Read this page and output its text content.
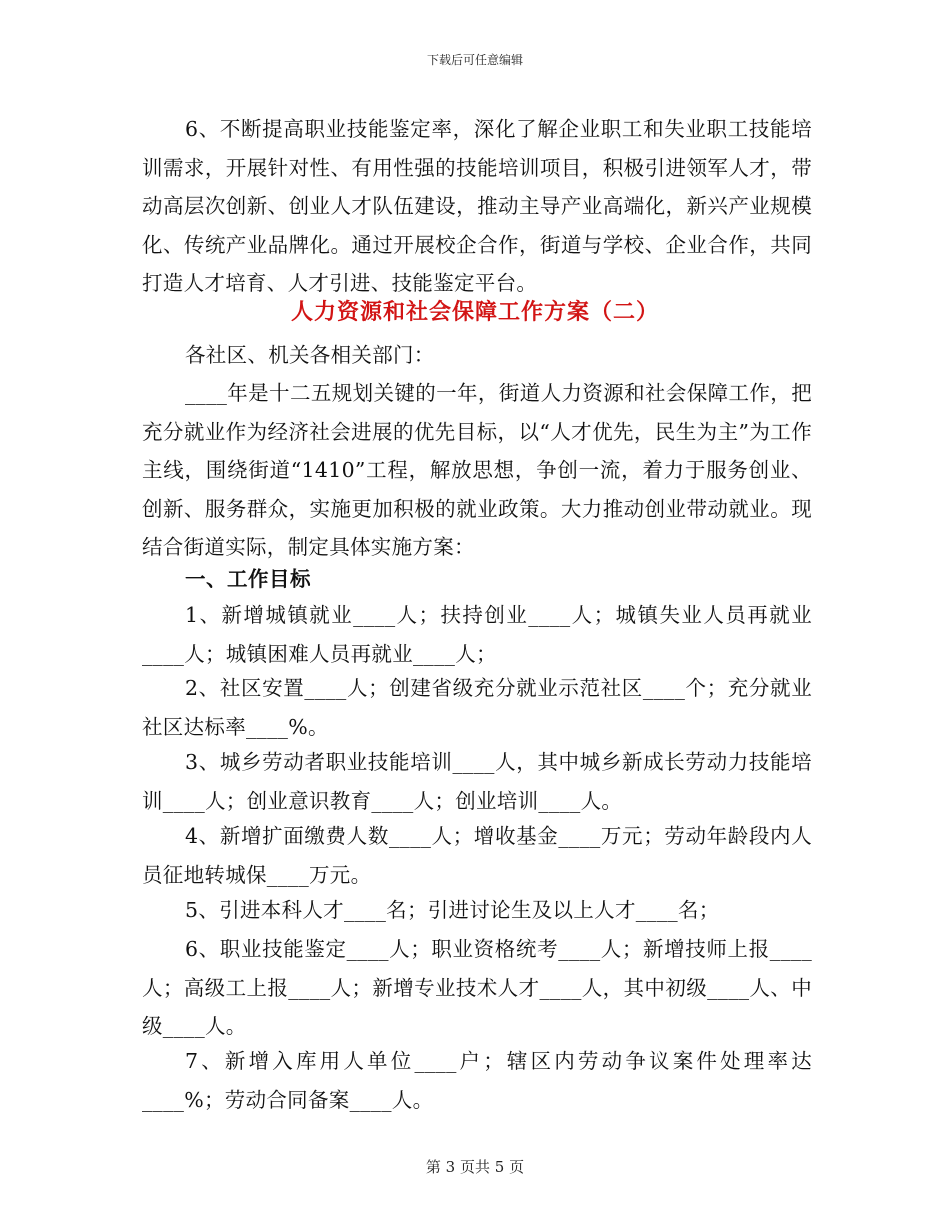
下载后可任意编辑

6、不断提高职业技能鉴定率，深化了解企业职工和失业职工技能培训需求，开展针对性、有用性强的技能培训项目，积极引进领军人才，带动高层次创新、创业人才队伍建设，推动主导产业高端化，新兴产业规模化、传统产业品牌化。通过开展校企合作，街道与学校、企业合作，共同打造人才培育、人才引进、技能鉴定平台。

人力资源和社会保障工作方案（二）

各社区、机关各相关部门：

____年是十二五规划关键的一年，街道人力资源和社会保障工作，把充分就业作为经济社会进展的优先目标，以“人才优先，民生为主”为工作主线，围绕街道“1410”工程，解放思想，争创一流，着力于服务创业、创新、服务群众，实施更加积极的就业政策。大力推动创业带动就业。现结合街道实际，制定具体实施方案：

一、工作目标

1、新增城镇就业____人；扶持创业____人；城镇失业人员再就业____人；城镇困难人员再就业____人；

2、社区安置____人；创建省级充分就业示范社区____个；充分就业社区达标率____%。

3、城乡劳动者职业技能培训____人，其中城乡新成长劳动力技能培训____人；创业意识教育____人；创业培训____人。

4、新增扩面缴费人数____人；增收基金____万元；劳动年龄段内人员征地转城保____万元。

5、引进本科人才____名；引进讨论生及以上人才____名；

6、职业技能鉴定____人；职业资格统考____人；新增技师上报____人；高级工上报____人；新增专业技术人才____人，其中初级____人、中级____人。

7、新增入库用人单位____户；辖区内劳动争议案件处理率达____%；劳动合同备案____人。

第 3 页共 5 页
